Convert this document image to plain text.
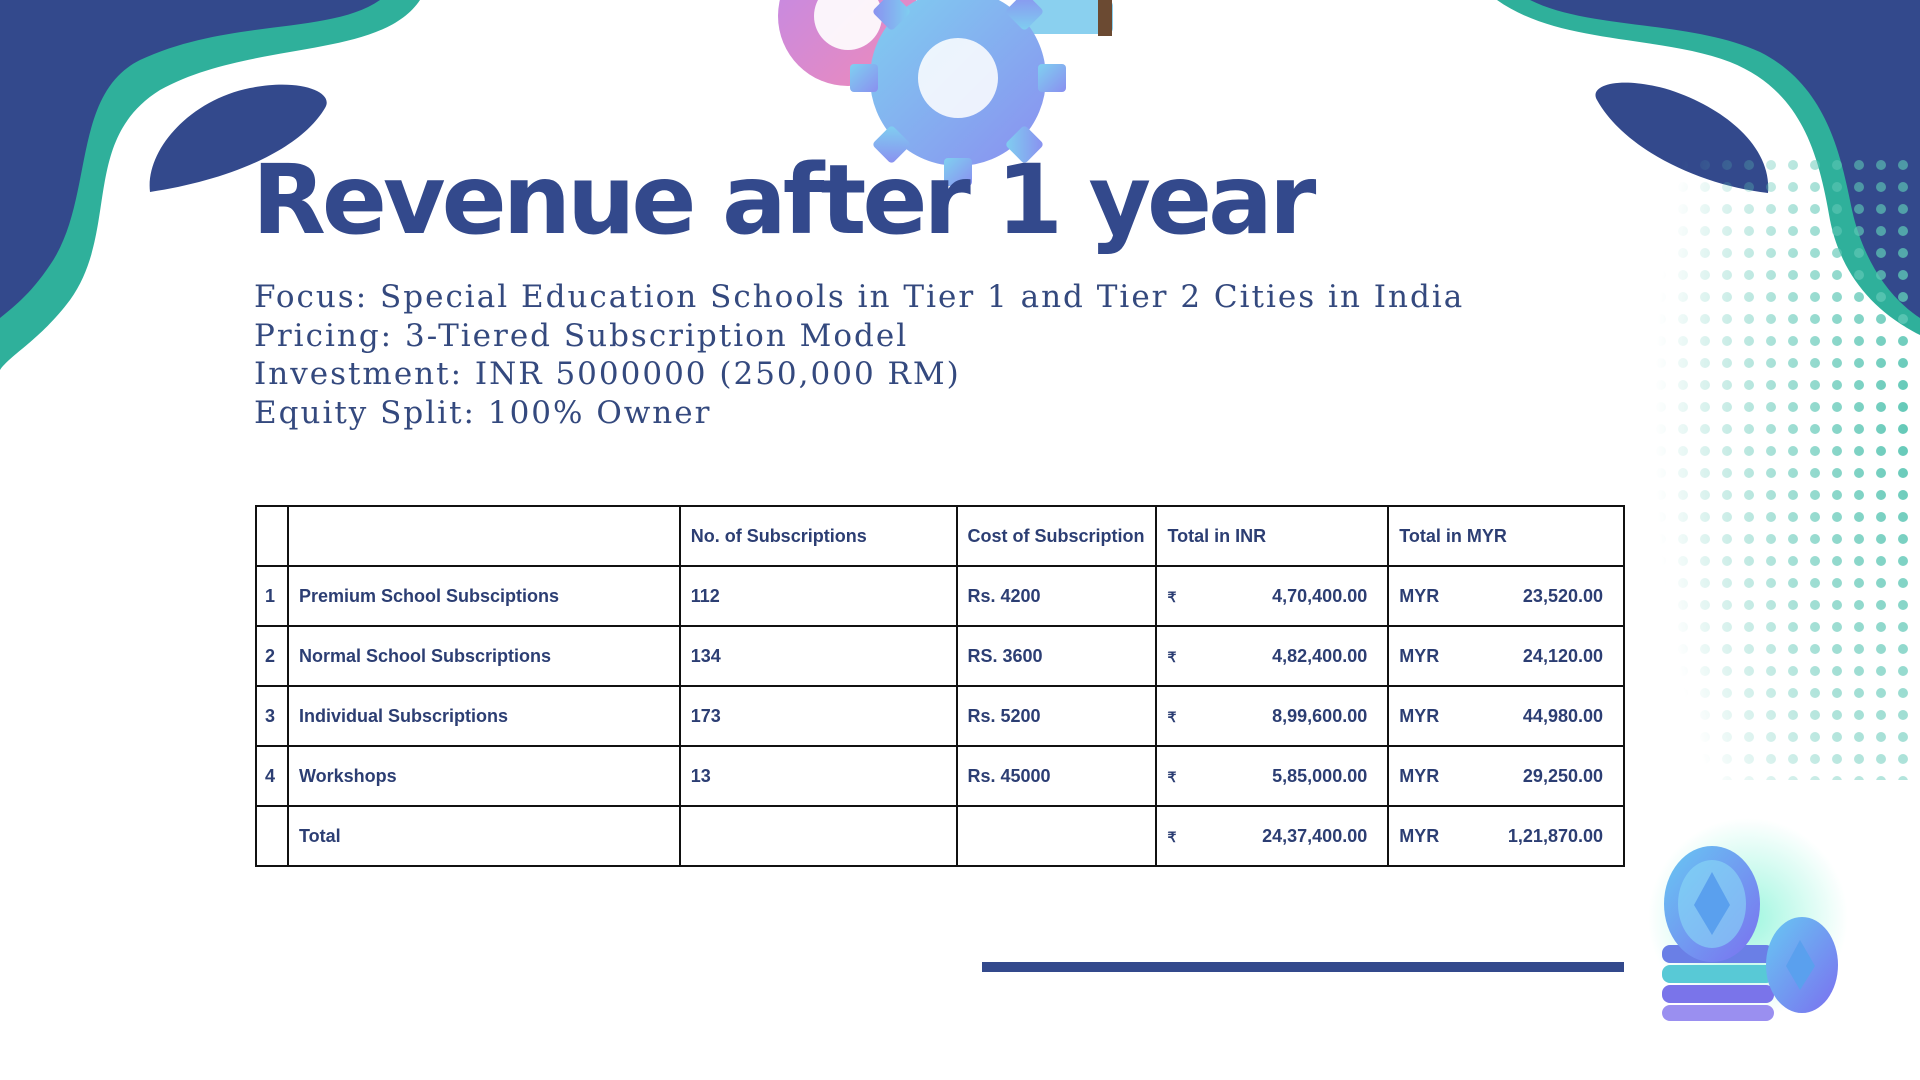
Revenue after 1 year
Focus: Special Education Schools in Tier 1 and Tier 2 Cities in India
Pricing: 3-Tiered Subscription Model
Investment: INR 5000000 (250,000 RM)
Equity Split: 100% Owner
		No. of Subscriptions	Cost of Subscription	Total in INR	Total in MYR
1	Premium School Subsciptions	112	Rs. 4200	₹ 4,70,400.00	MYR 23,520.00

2	Normal School Subscriptions	134	RS. 3600	₹ 4,82,400.00	MYR 24,120.00

3	Individual Subscriptions	173	Rs. 5200	₹ 8,99,600.00	MYR 44,980.00

4	Workshops	13	Rs. 45000	₹ 5,85,000.00	MYR 29,250.00

	Total			₹ 24,37,400.00	MYR 1,21,870.00
